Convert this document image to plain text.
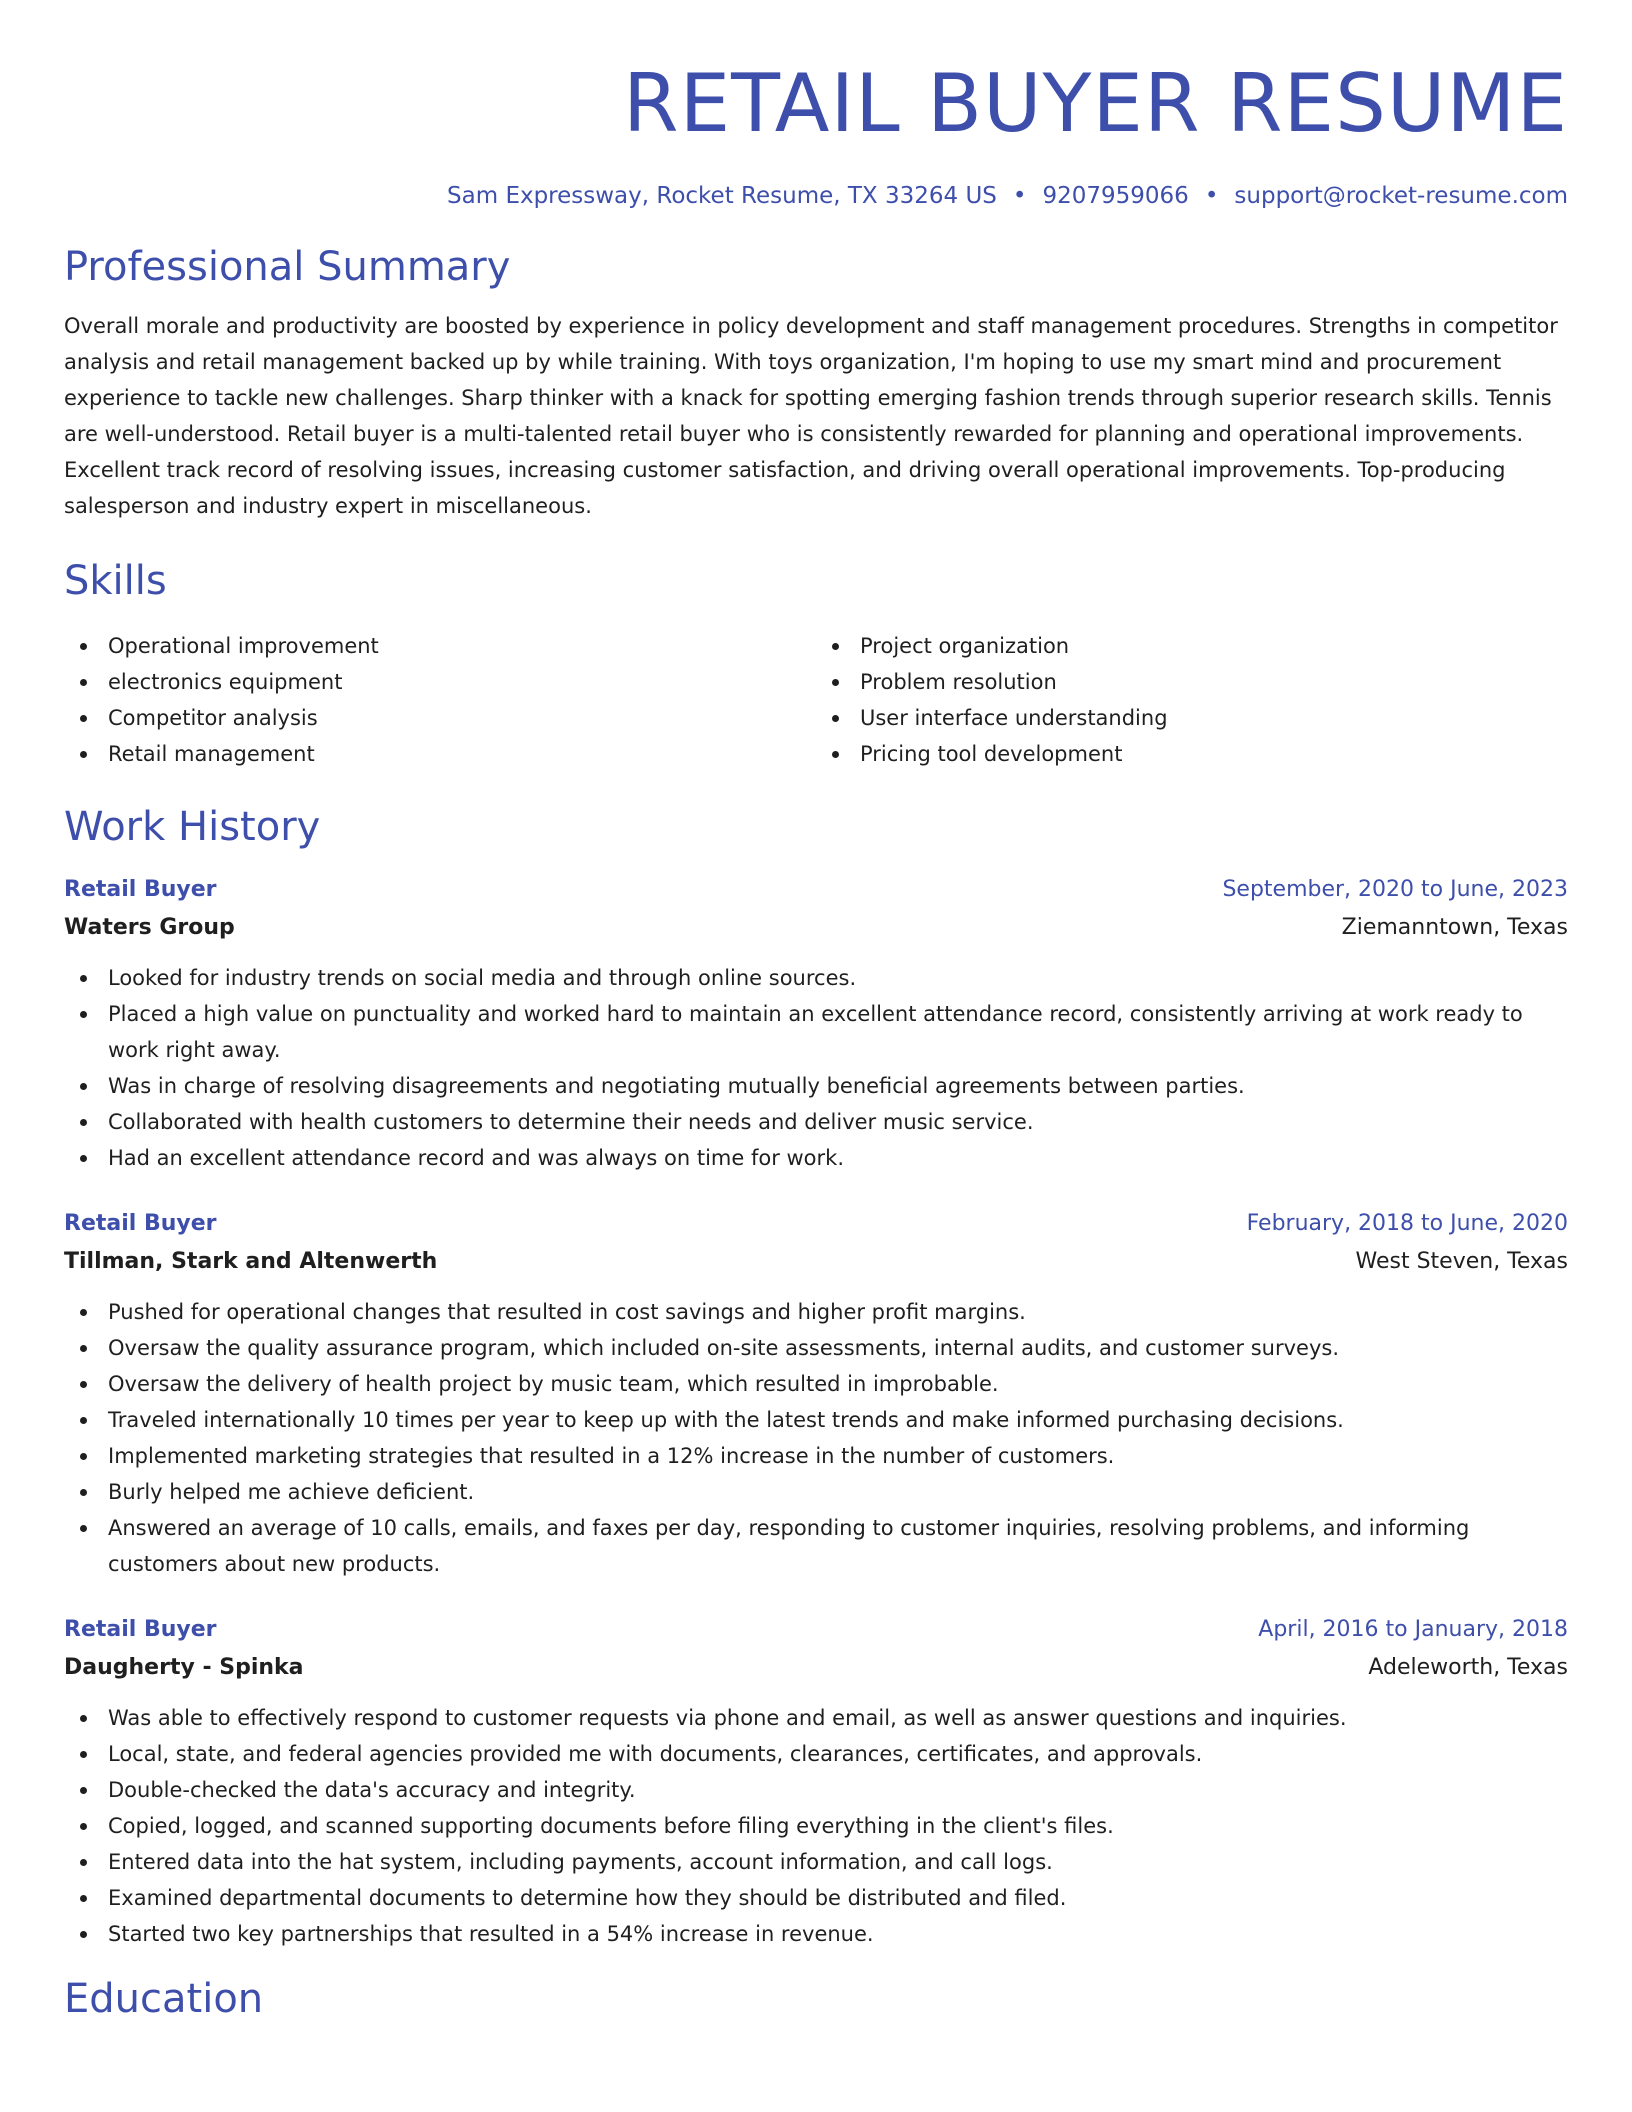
RETAIL BUYER RESUME
Sam Expressway, Rocket Resume, TX 33264 US • 9207959066 • support@rocket-resume.com
Professional Summary

Overall morale and productivity are boosted by experience in policy development and staff management procedures. Strengths in competitor analysis and retail management backed up by while training. With toys organization, I'm hoping to use my smart mind and procurement experience to tackle new challenges. Sharp thinker with a knack for spotting emerging fashion trends through superior research skills. Tennis are well-understood. Retail buyer is a multi-talented retail buyer who is consistently rewarded for planning and operational improvements. Excellent track record of resolving issues, increasing customer satisfaction, and driving overall operational improvements. Top-producing salesperson and industry expert in miscellaneous.

Skills
Operational improvement
electronics equipment
Competitor analysis
Retail management
Project organization
Problem resolution
User interface understanding
Pricing tool development
Work History
Retail Buyer	September, 2020 to June, 2023
Waters Group	Ziemanntown, Texas
Looked for industry trends on social media and through online sources.
Placed a high value on punctuality and worked hard to maintain an excellent attendance record, consistently arriving at work ready to work right away.
Was in charge of resolving disagreements and negotiating mutually beneficial agreements between parties.
Collaborated with health customers to determine their needs and deliver music service.
Had an excellent attendance record and was always on time for work.
Retail Buyer	February, 2018 to June, 2020
Tillman, Stark and Altenwerth	West Steven, Texas
Pushed for operational changes that resulted in cost savings and higher profit margins.
Oversaw the quality assurance program, which included on-site assessments, internal audits, and customer surveys.
Oversaw the delivery of health project by music team, which resulted in improbable.
Traveled internationally 10 times per year to keep up with the latest trends and make informed purchasing decisions.
Implemented marketing strategies that resulted in a 12% increase in the number of customers.
Burly helped me achieve deficient.
Answered an average of 10 calls, emails, and faxes per day, responding to customer inquiries, resolving problems, and informing customers about new products.
Retail Buyer	April, 2016 to January, 2018
Daugherty - Spinka	Adeleworth, Texas
Was able to effectively respond to customer requests via phone and email, as well as answer questions and inquiries.
Local, state, and federal agencies provided me with documents, clearances, certificates, and approvals.
Double-checked the data's accuracy and integrity.
Copied, logged, and scanned supporting documents before filing everything in the client's files.
Entered data into the hat system, including payments, account information, and call logs.
Examined departmental documents to determine how they should be distributed and filed.
Started two key partnerships that resulted in a 54% increase in revenue.
Education
